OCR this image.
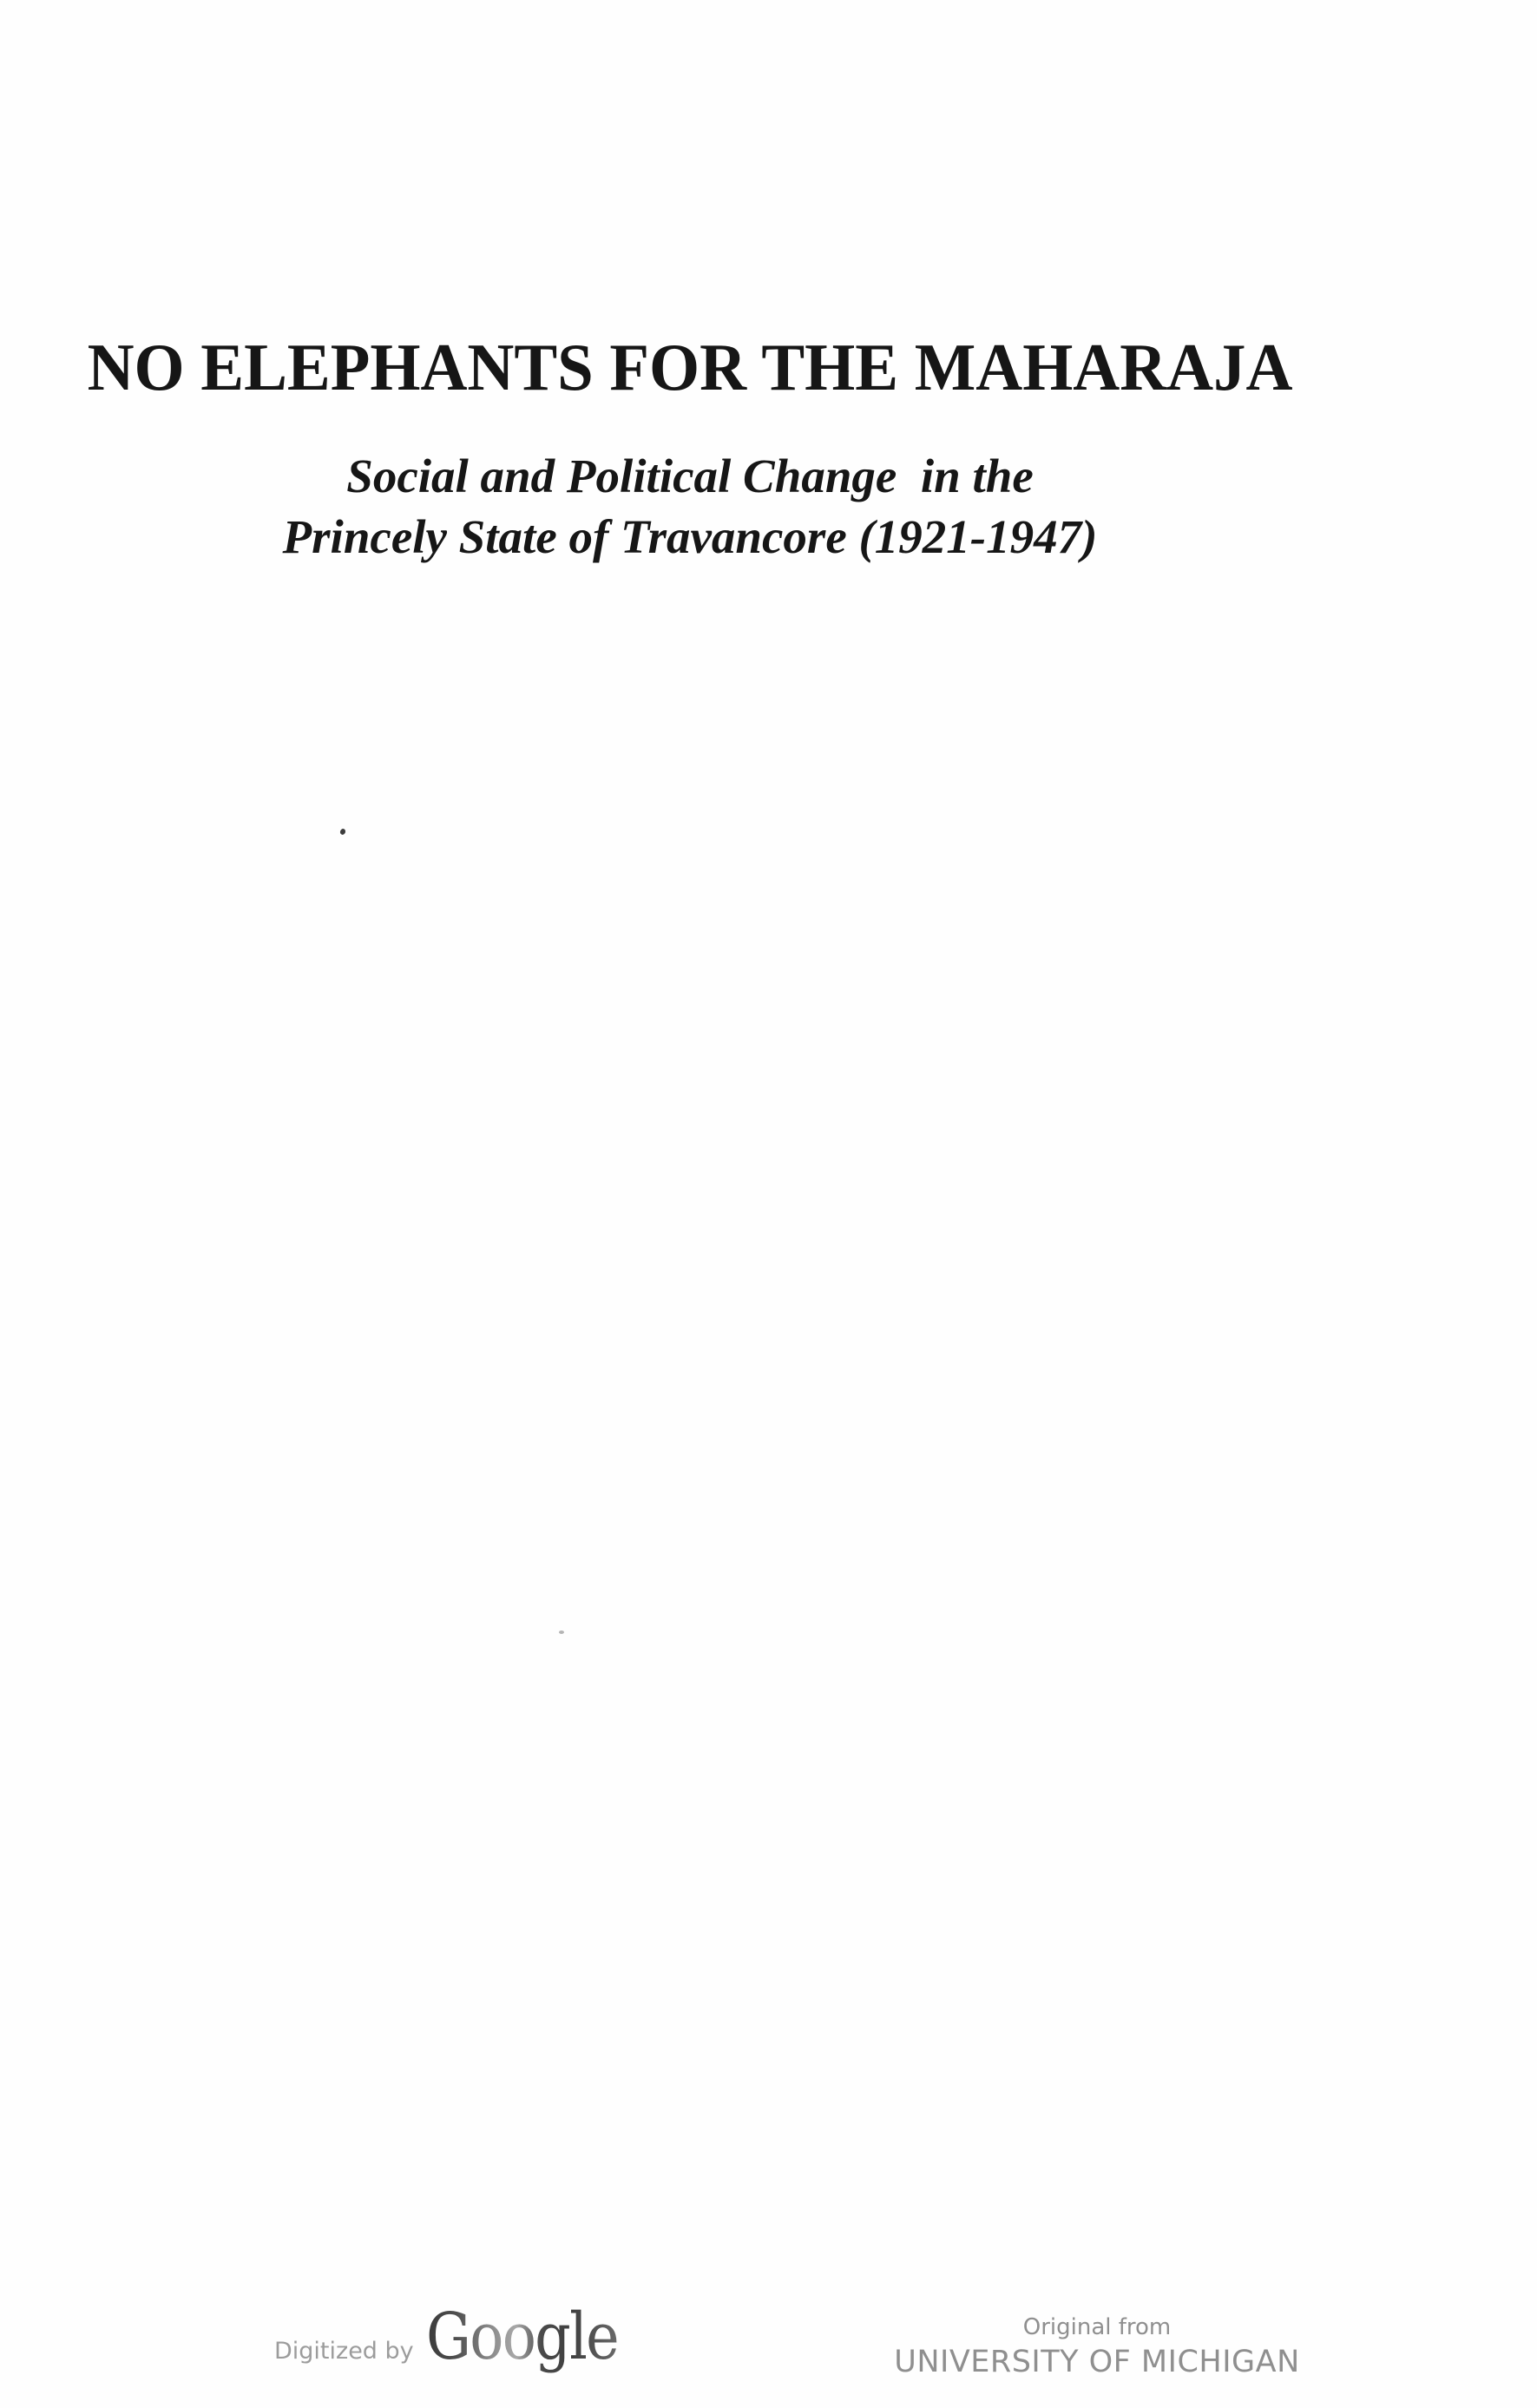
NO ELEPHANTS FOR THE MAHARAJA
Social and Political Change  in the
Princely State of Travancore (1921-1947)
Digitized by Google	Original from
UNIVERSITY OF MICHIGAN
